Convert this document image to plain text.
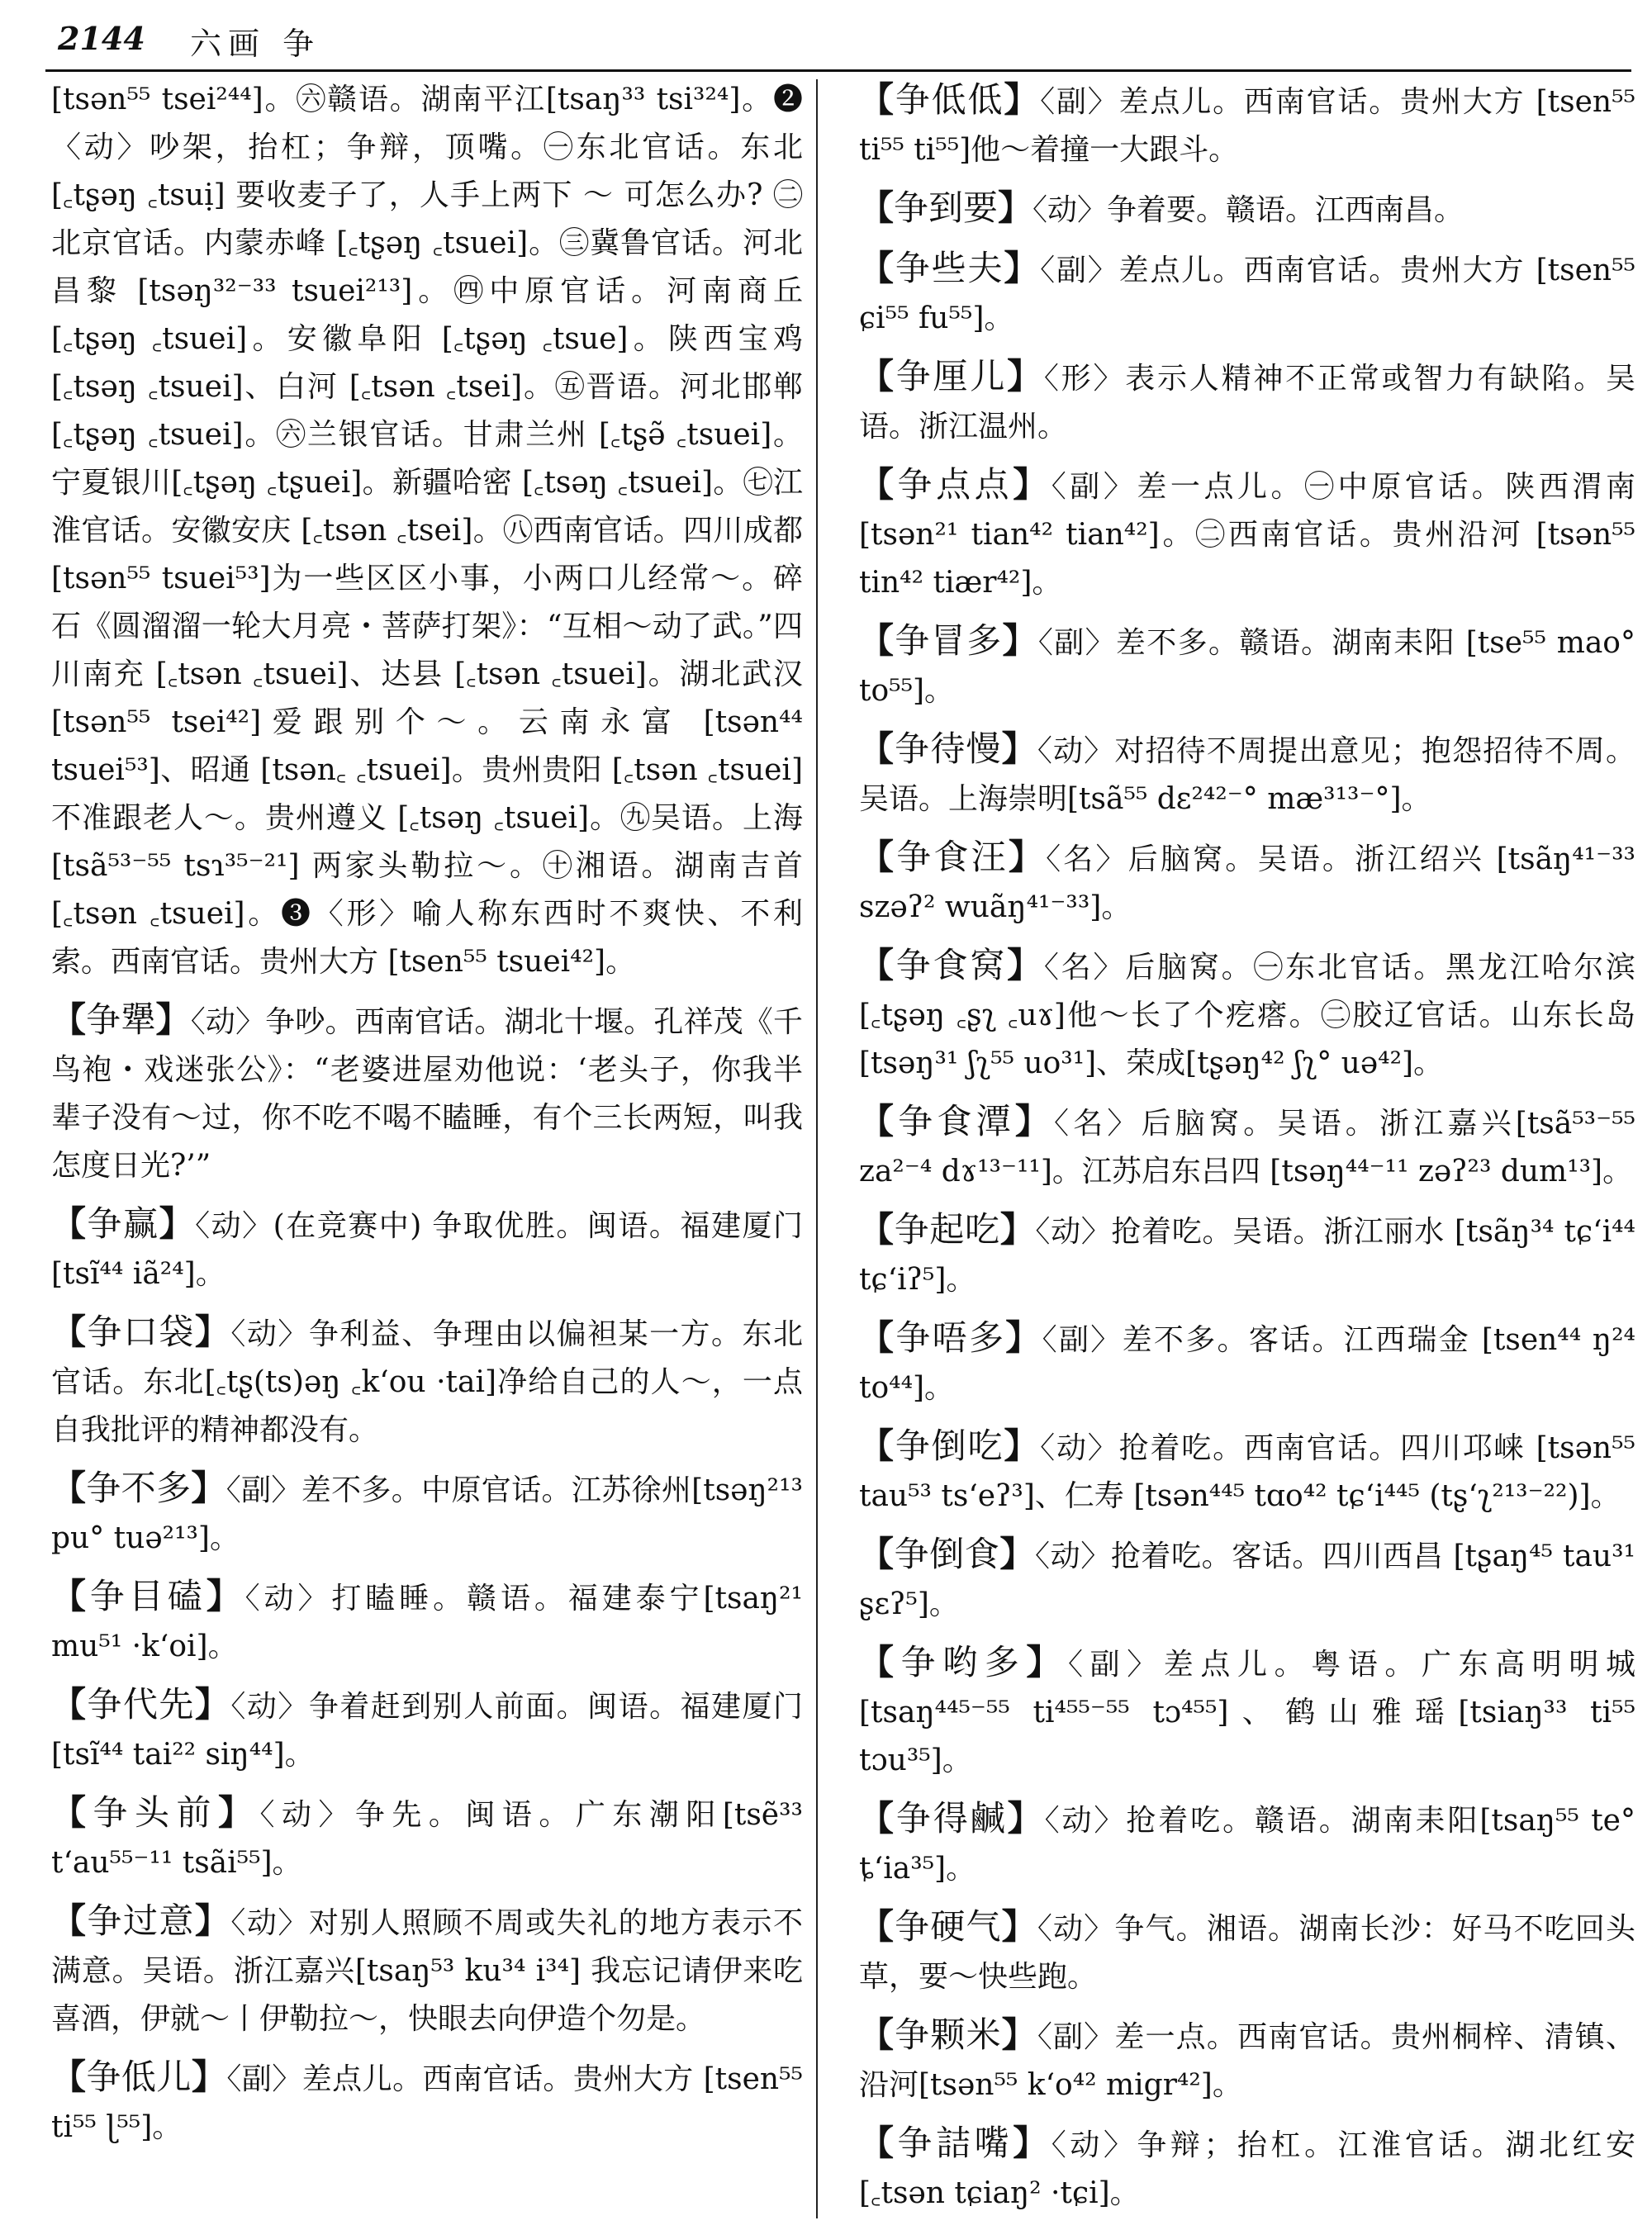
2144 六画 争
[tsən⁵⁵ tsei²⁴⁴]。㊅赣语。湖南平江[tsaŋ³³ tsi³²⁴]。❷〈动〉吵架，抬杠；争辩，顶嘴。㊀东北官话。东北[꜀tʂəŋ ꜀tsuị] 要收麦子了，人手上两下 ～ 可怎么办? ㊁北京官话。内蒙赤峰 [꜀tʂəŋ ꜀tsuei]。㊂冀鲁官话。河北昌黎 [tsəŋ³²⁻³³ tsuei²¹³]。㊃中原官话。河南商丘 [꜀tʂəŋ ꜀tsuei]。安徽阜阳 [꜀tʂəŋ ꜀tsue]。陕西宝鸡 [꜀tsəŋ ꜀tsuei]、白河 [꜀tsən ꜀tsei]。㊄晋语。河北邯郸 [꜀tʂəŋ ꜀tsuei]。㊅兰银官话。甘肃兰州 [꜀tʂə̃ ꜀tsuei]。宁夏银川[꜀tʂəŋ ꜀tʂuei]。新疆哈密 [꜀tsəŋ ꜀tsuei]。㊆江淮官话。安徽安庆 [꜀tsən ꜀tsei]。㊇西南官话。四川成都 [tsən⁵⁵ tsuei⁵³]为一些区区小事，小两口儿经常～。碎石《圆溜溜一轮大月亮・菩萨打架》：“互相～动了武。”四川南充 [꜀tsən ꜀tsuei]、达县 [꜀tsən ꜀tsuei]。湖北武汉[tsən⁵⁵ tsei⁴²]爱跟别个～。云南永富 [tsən⁴⁴ tsuei⁵³]、昭通 [tsən꜀ ꜀tsuei]。贵州贵阳 [꜀tsən ꜀tsuei] 不准跟老人～。贵州遵义 [꜀tsəŋ ꜀tsuei]。㊈吴语。上海 [tsã⁵³⁻⁵⁵ tsɿ³⁵⁻²¹] 两家头勒拉～。㊉湘语。湖南吉首 [꜀tsən ꜀tsuei]。❸〈形〉喻人称东西时不爽快、不利索。西南官话。贵州大方 [tsen⁵⁵ tsuei⁴²]。
【争犟】〈动〉争吵。西南官话。湖北十堰。孔祥茂《千鸟袍・戏迷张公》：“老婆进屋劝他说：‘老头子，你我半辈子没有～过，你不吃不喝不瞌睡，有个三长两短，叫我怎度日光?’”
【争赢】〈动〉(在竞赛中) 争取优胜。闽语。福建厦门 [tsĩ⁴⁴ iã²⁴]。
【争口袋】〈动〉争利益、争理由以偏袒某一方。东北官话。东北[꜀tʂ(ts)əŋ ꜀k‘ou ·tai]净给自己的人～，一点自我批评的精神都没有。
【争不多】〈副〉差不多。中原官话。江苏徐州[tsəŋ²¹³ pu° tuə²¹³]。
【争目磕】〈动〉打瞌睡。赣语。福建泰宁[tsaŋ²¹ mu⁵¹ ·k‘oi]。
【争代先】〈动〉争着赶到别人前面。闽语。福建厦门 [tsĩ⁴⁴ tai²² siŋ⁴⁴]。
【争头前】〈动〉争先。闽语。广东潮阳[tsẽ³³ t‘au⁵⁵⁻¹¹ tsãi⁵⁵]。
【争过意】〈动〉对别人照顾不周或失礼的地方表示不满意。吴语。浙江嘉兴[tsaŋ⁵³ ku³⁴ i³⁴] 我忘记请伊来吃喜酒，伊就～丨伊勒拉～，快眼去向伊造个勿是。
【争低儿】〈副〉差点儿。西南官话。贵州大方 [tsen⁵⁵ ti⁵⁵ ɭ⁵⁵]。
【争低低】〈副〉差点儿。西南官话。贵州大方 [tsen⁵⁵ ti⁵⁵ ti⁵⁵]他～着撞一大跟斗。
【争到要】〈动〉争着要。赣语。江西南昌。
【争些夫】〈副〉差点儿。西南官话。贵州大方 [tsen⁵⁵ ɕi⁵⁵ fu⁵⁵]。
【争厘儿】〈形〉表示人精神不正常或智力有缺陷。吴语。浙江温州。
【争点点】〈副〉差一点儿。㊀中原官话。陕西渭南 [tsən²¹ tian⁴² tian⁴²]。㊁西南官话。贵州沿河 [tsən⁵⁵ tin⁴² tiær⁴²]。
【争冒多】〈副〉差不多。赣语。湖南耒阳 [tse⁵⁵ mao° to⁵⁵]。
【争待慢】〈动〉对招待不周提出意见；抱怨招待不周。吴语。上海崇明[tsã⁵⁵ dɛ²⁴²⁻° mæ³¹³⁻°]。
【争食汪】〈名〉后脑窝。吴语。浙江绍兴 [tsãŋ⁴¹⁻³³ szəʔ² wuãŋ⁴¹⁻³³]。
【争食窝】〈名〉后脑窝。㊀东北官话。黑龙江哈尔滨 [꜀tʂəŋ ꜀ʂʅ ꜀uɤ]他～长了个疙瘩。㊁胶辽官话。山东长岛[tsəŋ³¹ ʃʅ⁵⁵ uo³¹]、荣成[tʂəŋ⁴² ʃʅ° uə⁴²]。
【争食潭】〈名〉后脑窝。吴语。浙江嘉兴[tsã⁵³⁻⁵⁵ za²⁻⁴ dɤ¹³⁻¹¹]。江苏启东吕四 [tsəŋ⁴⁴⁻¹¹ zəʔ²³ dum¹³]。
【争起吃】〈动〉抢着吃。吴语。浙江丽水 [tsãŋ³⁴ tɕ‘i⁴⁴ tɕ‘iʔ⁵]。
【争唔多】〈副〉差不多。客话。江西瑞金 [tsen⁴⁴ ŋ²⁴ to⁴⁴]。
【争倒吃】〈动〉抢着吃。西南官话。四川邛崃 [tsən⁵⁵ tau⁵³ ts‘eʔ³]、仁寿 [tsən⁴⁴⁵ tɑo⁴² tɕ‘i⁴⁴⁵ (tʂ‘ʅ²¹³⁻²²)]。
【争倒食】〈动〉抢着吃。客话。四川西昌 [tʂaŋ⁴⁵ tau³¹ ʂɛʔ⁵]。
【争哟多】〈副〉差点儿。粤语。广东高明明城[tsaŋ⁴⁴⁵⁻⁵⁵ ti⁴⁵⁵⁻⁵⁵ tɔ⁴⁵⁵]、鹤山雅瑶[tsiaŋ³³ ti⁵⁵ tɔu³⁵]。
【争得鹹】〈动〉抢着吃。赣语。湖南耒阳[tsaŋ⁵⁵ te° ȶ‘ia³⁵]。
【争硬气】〈动〉争气。湘语。湖南长沙：好马不吃回头草，要～快些跑。
【争颗米】〈副〉差一点。西南官话。贵州桐梓、清镇、沿河[tsən⁵⁵ k‘o⁴² migr⁴²]。
【争詰嘴】〈动〉争辩；抬杠。江淮官话。湖北红安 [꜀tsən tɕiaŋ² ·tɕi]。
